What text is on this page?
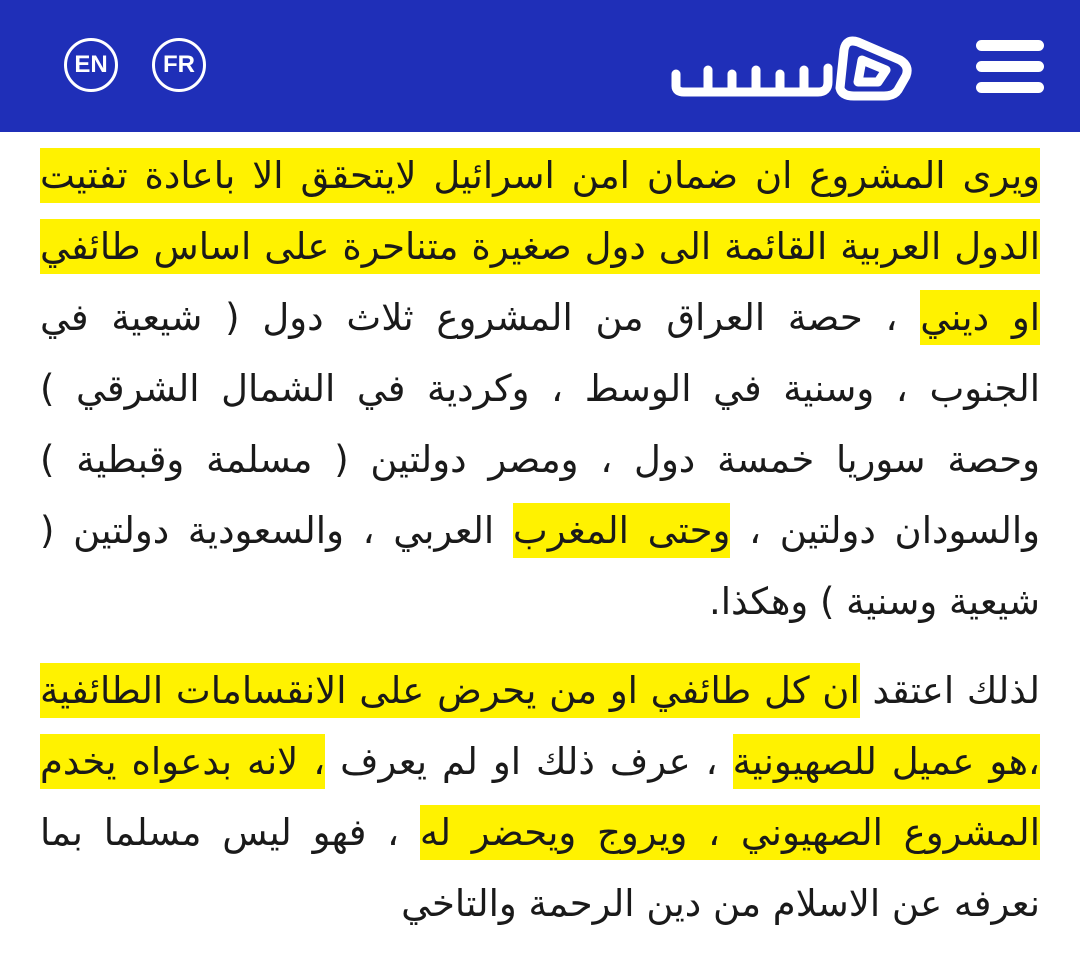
EN	FR

ويرى المشروع ان ضمان امن اسرائيل لايتحقق الا باعادة تفتيت الدول العربية القائمة الى دول صغيرة متناحرة على اساس طائفي او ديني ، حصة العراق من المشروع ثلاث دول ( شيعية في الجنوب ، وسنية في الوسط ، وكردية في الشمال الشرقي ) وحصة سوريا خمسة دول ، ومصر دولتين ( مسلمة وقبطية ) والسودان دولتين ، وحتى المغرب العربي ، والسعودية دولتين ( شيعية وسنية ) وهكذا.

لذلك اعتقد ان كل طائفي او من يحرض على الانقسامات الطائفية ،هو عميل للصهيونية ، عرف ذلك او لم يعرف ، لانه بدعواه يخدم المشروع الصهيوني ، ويروج ويحضر له ، فهو ليس مسلما بما نعرفه عن الاسلام من دين الرحمة والتاخي
